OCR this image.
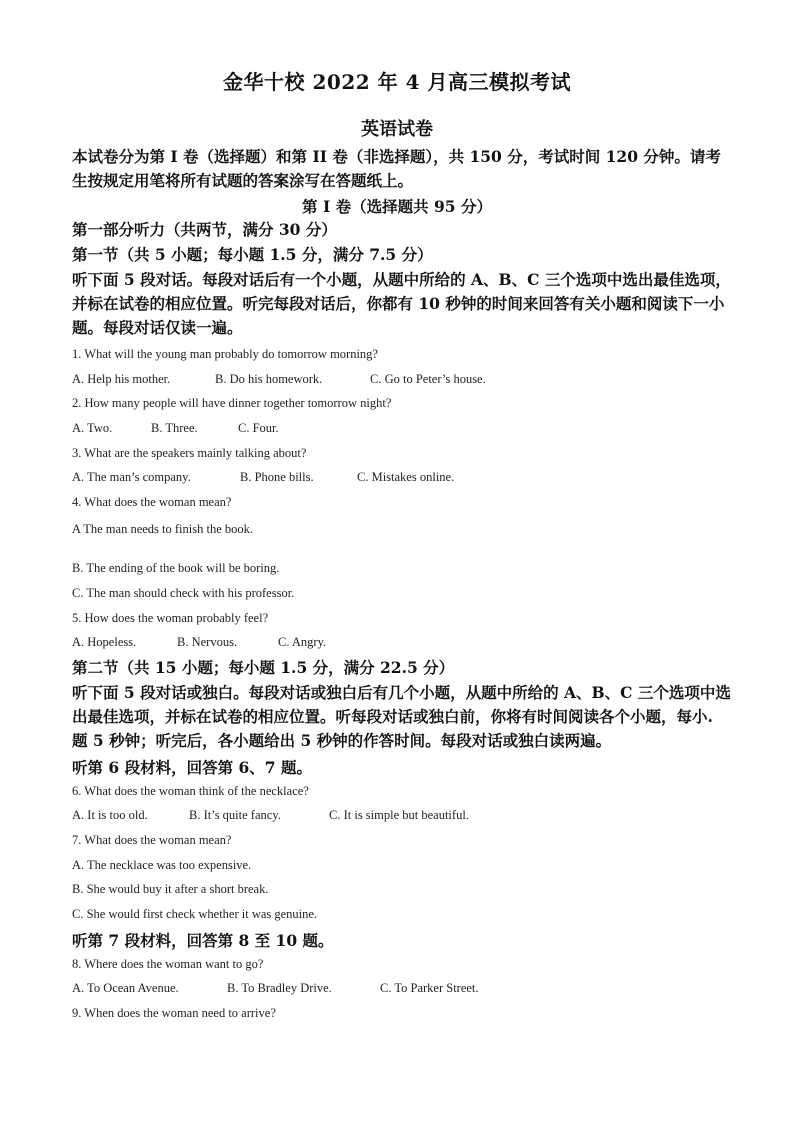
金华十校 2022 年 4 月高三模拟考试
英语试卷
本试卷分为第 I 卷（选择题）和第 II 卷（非选择题），共 150 分，考试时间 120 分钟。请考生按规定用笔将所有试题的答案涂写在答题纸上。
第 I 卷（选择题共 95 分）
第一部分听力（共两节，满分 30 分）
第一节（共 5 小题；每小题 1.5 分，满分 7.5 分）
听下面 5 段对话。每段对话后有一个小题，从题中所给的 A、B、C 三个选项中选出最佳选项，并标在试卷的相应位置。听完每段对话后，你都有 10 秒钟的时间来回答有关小题和阅读下一小题。每段对话仅读一遍。
1. What will the young man probably do tomorrow morning?
A. Help his mother.	B. Do his homework.	C. Go to Peter’s house.
2. How many people will have dinner together tomorrow night?
A. Two.	B. Three.	C. Four.
3. What are the speakers mainly talking about?
A. The man’s company.	B. Phone bills.	C. Mistakes online.
4. What does the woman mean?
A The man needs to finish the book.
B. The ending of the book will be boring.
C. The man should check with his professor.
5. How does the woman probably feel?
A. Hopeless.	B. Nervous.	C. Angry.
第二节（共 15 小题；每小题 1.5 分，满分 22.5 分）
听下面 5 段对话或独白。每段对话或独白后有几个小题，从题中所给的 A、B、C 三个选项中选出最佳选项，并标在试卷的相应位置。听每段对话或独白前，你将有时间阅读各个小题，每小. 题 5 秒钟；听完后，各小题给出 5 秒钟的作答时间。每段对话或独白读两遍。
听第 6 段材料，回答第 6、7 题。
6. What does the woman think of the necklace?
A. It is too old.	B. It’s quite fancy.	C. It is simple but beautiful.
7. What does the woman mean?
A. The necklace was too expensive.
B. She would buy it after a short break.
C. She would first check whether it was genuine.
听第 7 段材料，回答第 8 至 10 题。
8. Where does the woman want to go?
A. To Ocean Avenue.	B. To Bradley Drive.	C. To Parker Street.
9. When does the woman need to arrive?
